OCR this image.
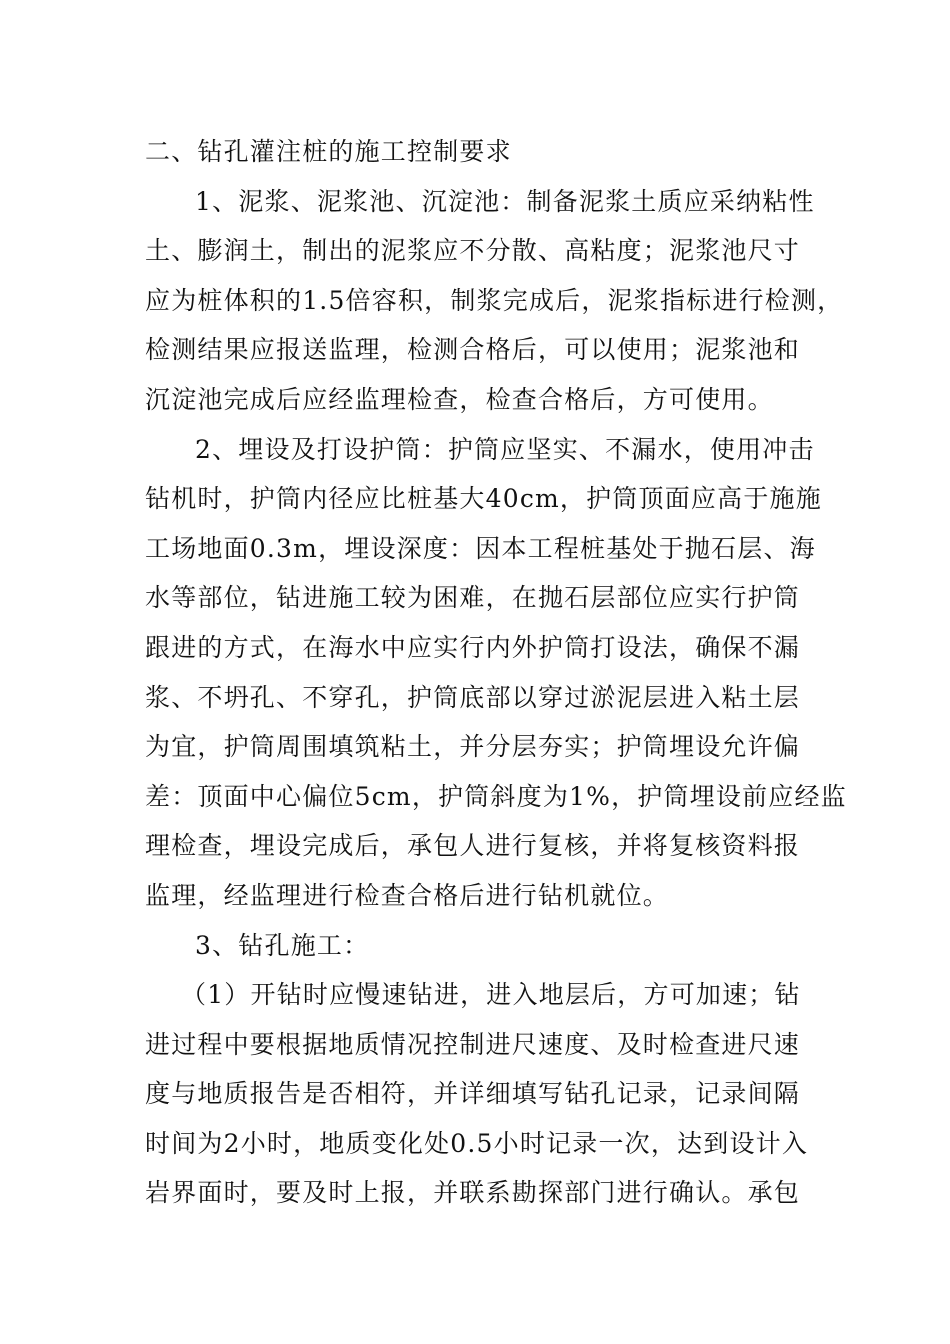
二、钻孔灌注桩的施工控制要求
1、泥浆、泥浆池、沉淀池：制备泥浆土质应采纳粘性
土、膨润土，制出的泥浆应不分散、高粘度；泥浆池尺寸
应为桩体积的1.5倍容积，制浆完成后，泥浆指标进行检测，
检测结果应报送监理，检测合格后，可以使用；泥浆池和
沉淀池完成后应经监理检查，检查合格后，方可使用。
2、埋设及打设护筒：护筒应坚实、不漏水，使用冲击
钻机时，护筒内径应比桩基大40cm，护筒顶面应高于施施
工场地面0.3m，埋设深度：因本工程桩基处于抛石层、海
水等部位，钻进施工较为困难，在抛石层部位应实行护筒
跟进的方式，在海水中应实行内外护筒打设法，确保不漏
浆、不坍孔、不穿孔，护筒底部以穿过淤泥层进入粘土层
为宜，护筒周围填筑粘土，并分层夯实；护筒埋设允许偏
差：顶面中心偏位5cm，护筒斜度为1%，护筒埋设前应经监
理检查，埋设完成后，承包人进行复核，并将复核资料报
监理，经监理进行检查合格后进行钻机就位。
3、钻孔施工：
（1）开钻时应慢速钻进，进入地层后，方可加速；钻
进过程中要根据地质情况控制进尺速度、及时检查进尺速
度与地质报告是否相符，并详细填写钻孔记录，记录间隔
时间为2小时，地质变化处0.5小时记录一次，达到设计入
岩界面时，要及时上报，并联系勘探部门进行确认。承包
